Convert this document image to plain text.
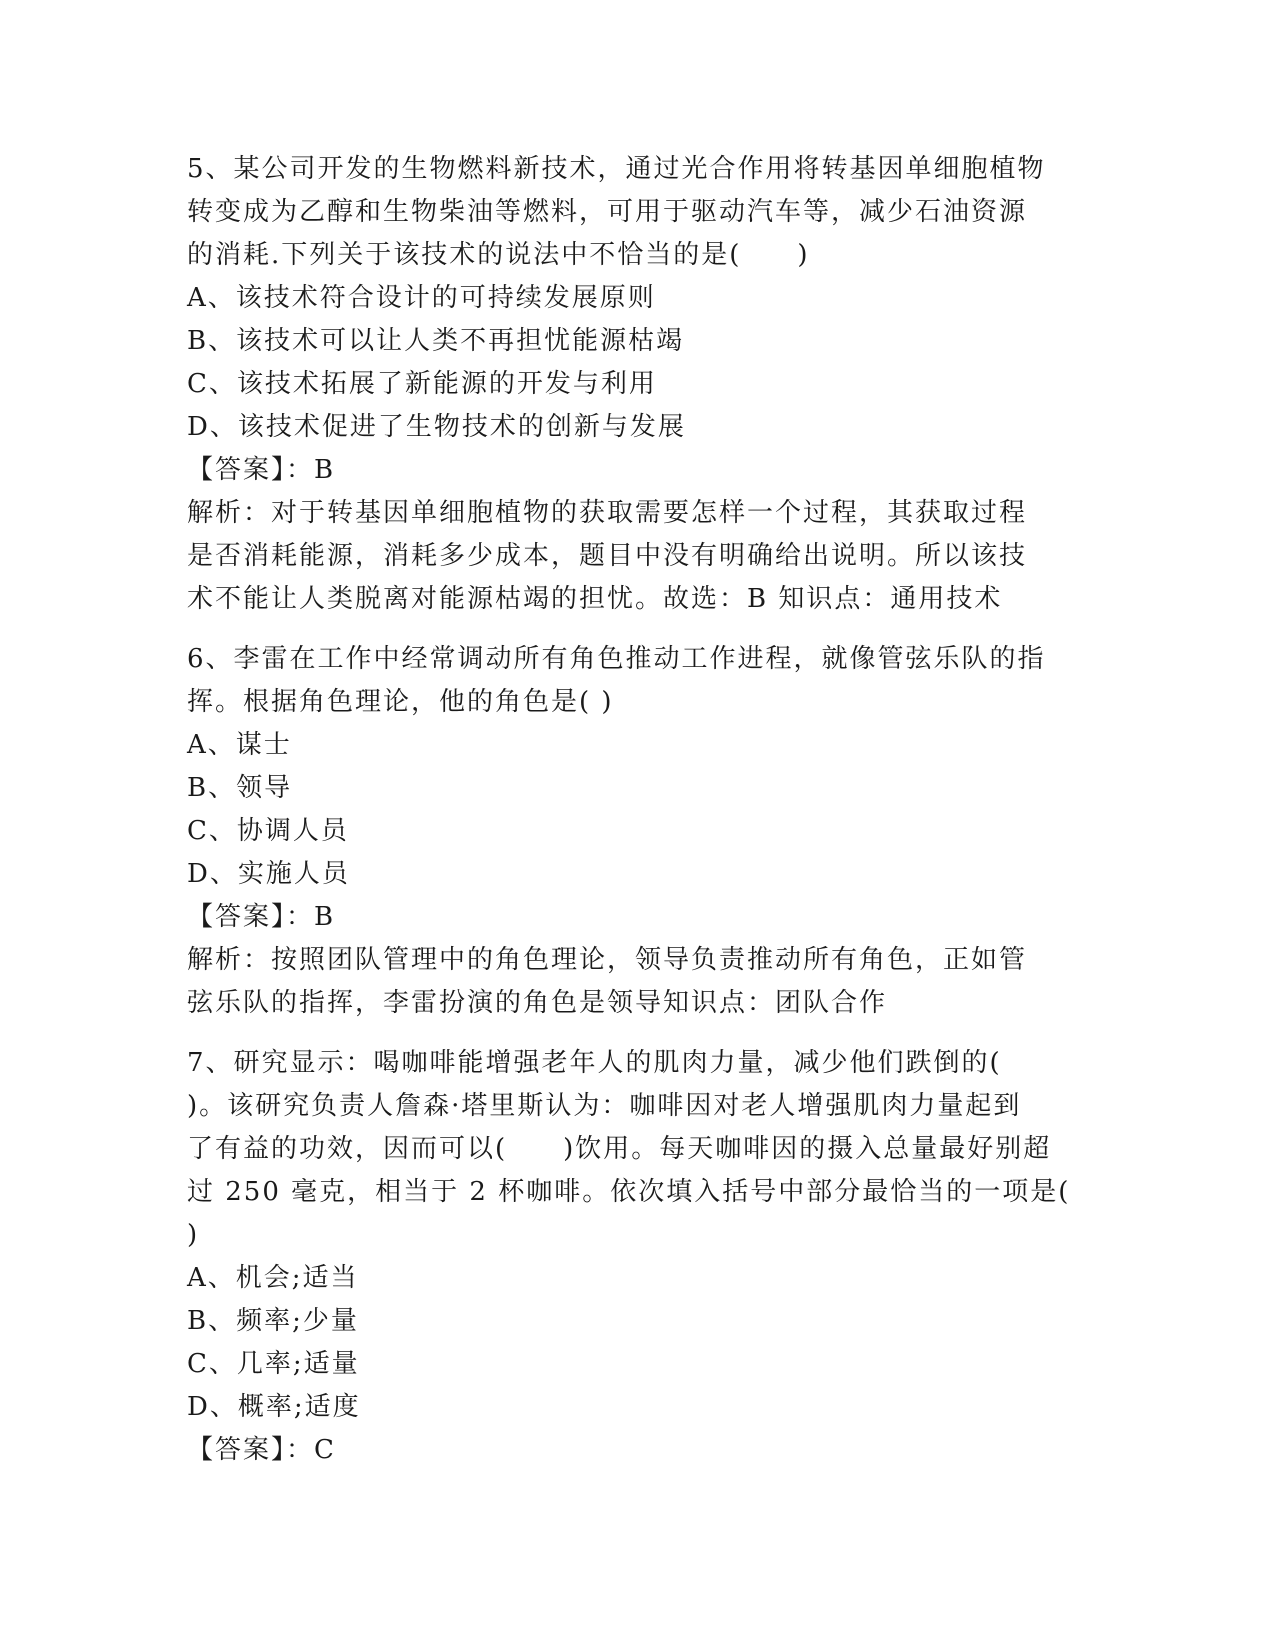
5、某公司开发的生物燃料新技术，通过光合作用将转基因单细胞植物
转变成为乙醇和生物柴油等燃料，可用于驱动汽车等，减少石油资源
的消耗.下列关于该技术的说法中不恰当的是(　　)
A、该技术符合设计的可持续发展原则
B、该技术可以让人类不再担忧能源枯竭
C、该技术拓展了新能源的开发与利用
D、该技术促进了生物技术的创新与发展
【答案】：B
解析：对于转基因单细胞植物的获取需要怎样一个过程，其获取过程
是否消耗能源，消耗多少成本，题目中没有明确给出说明。所以该技
术不能让人类脱离对能源枯竭的担忧。故选：B 知识点：通用技术
6、李雷在工作中经常调动所有角色推动工作进程，就像管弦乐队的指
挥。根据角色理论，他的角色是( )
A、谋士
B、领导
C、协调人员
D、实施人员
【答案】：B
解析：按照团队管理中的角色理论，领导负责推动所有角色，正如管
弦乐队的指挥，李雷扮演的角色是领导知识点：团队合作
7、研究显示：喝咖啡能增强老年人的肌肉力量，减少他们跌倒的(
)。该研究负责人詹森·塔里斯认为：咖啡因对老人增强肌肉力量起到
了有益的功效，因而可以(　　)饮用。每天咖啡因的摄入总量最好别超
过 250 毫克，相当于 2 杯咖啡。依次填入括号中部分最恰当的一项是(
)
A、机会;适当
B、频率;少量
C、几率;适量
D、概率;适度
【答案】：C
